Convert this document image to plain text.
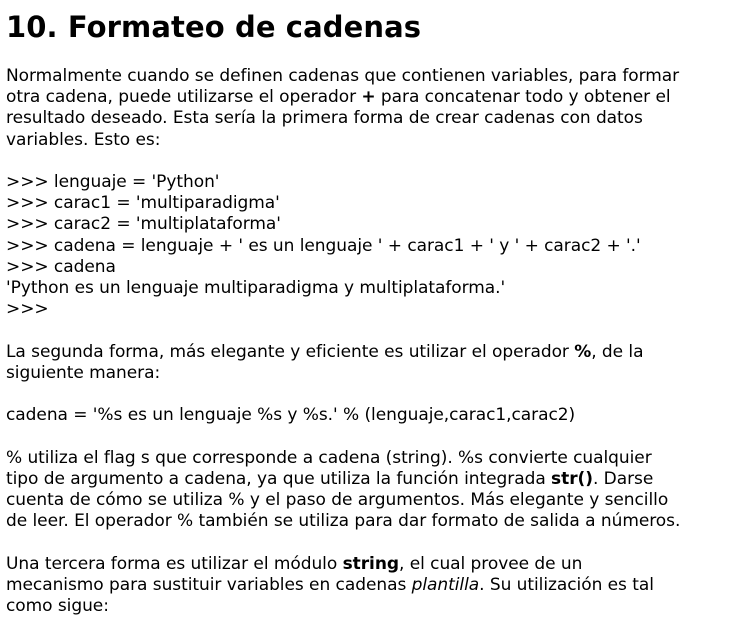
10. Formateo de cadenas

Normalmente cuando se definen cadenas que contienen variables, para formar
otra cadena, puede utilizarse el operador + para concatenar todo y obtener el
resultado deseado. Esta sería la primera forma de crear cadenas con datos
variables. Esto es:

>>> lenguaje = 'Python'
>>> carac1 = 'multiparadigma'
>>> carac2 = 'multiplataforma'
>>> cadena = lenguaje + ' es un lenguaje ' + carac1 + ' y ' + carac2 + '.'
>>> cadena
'Python es un lenguaje multiparadigma y multiplataforma.'
>>>

La segunda forma, más elegante y eficiente es utilizar el operador %, de la
siguiente manera:

cadena = '%s es un lenguaje %s y %s.' % (lenguaje,carac1,carac2)

% utiliza el flag s que corresponde a cadena (string). %s convierte cualquier
tipo de argumento a cadena, ya que utiliza la función integrada str(). Darse
cuenta de cómo se utiliza % y el paso de argumentos. Más elegante y sencillo
de leer. El operador % también se utiliza para dar formato de salida a números.

Una tercera forma es utilizar el módulo string, el cual provee de un
mecanismo para sustituir variables en cadenas plantilla. Su utilización es tal
como sigue:
